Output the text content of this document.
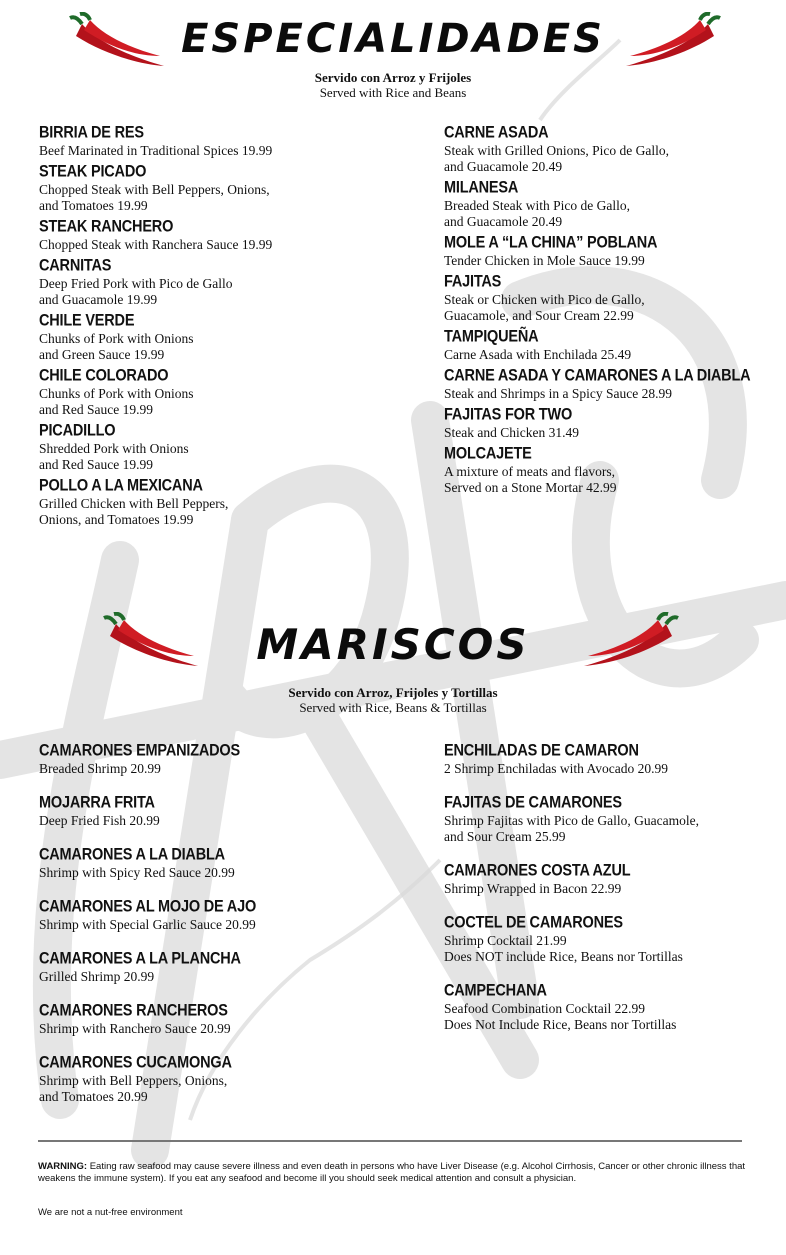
ESPECIALIDADES
Servido con Arroz y Frijoles
Served with Rice and Beans
BIRRIA DE RES
Beef Marinated in Traditional Spices 19.99
STEAK PICADO
Chopped Steak with Bell Peppers, Onions,
and Tomatoes 19.99
STEAK RANCHERO
Chopped Steak with Ranchera Sauce 19.99
CARNITAS
Deep Fried Pork with Pico de Gallo
and Guacamole 19.99
CHILE VERDE
Chunks of Pork with Onions
and Green Sauce 19.99
CHILE COLORADO
Chunks of Pork with Onions
and Red Sauce 19.99
PICADILLO
Shredded Pork with Onions
and Red Sauce 19.99
POLLO A LA MEXICANA
Grilled Chicken with Bell Peppers,
Onions, and Tomatoes 19.99
CARNE ASADA
Steak with Grilled Onions, Pico de Gallo,
and Guacamole 20.49
MILANESA
Breaded Steak with Pico de Gallo,
and Guacamole 20.49
MOLE A “LA CHINA” POBLANA
Tender Chicken in Mole Sauce 19.99
FAJITAS
Steak or Chicken with Pico de Gallo,
Guacamole, and Sour Cream 22.99
TAMPIQUEÑA
Carne Asada with Enchilada 25.49
CARNE ASADA Y CAMARONES A LA DIABLA
Steak and Shrimps in a Spicy Sauce 28.99
FAJITAS FOR TWO
Steak and Chicken 31.49
MOLCAJETE
A mixture of meats and flavors,
Served on a Stone Mortar 42.99
MARISCOS
Servido con Arroz, Frijoles y Tortillas
Served with Rice, Beans & Tortillas
CAMARONES EMPANIZADOS
Breaded Shrimp 20.99
MOJARRA FRITA
Deep Fried Fish 20.99
CAMARONES A LA DIABLA
Shrimp with Spicy Red Sauce 20.99
CAMARONES AL MOJO DE AJO
Shrimp with Special Garlic Sauce 20.99
CAMARONES A LA PLANCHA
Grilled Shrimp 20.99
CAMARONES RANCHEROS
Shrimp with Ranchero Sauce 20.99
CAMARONES CUCAMONGA
Shrimp with Bell Peppers, Onions,
and Tomatoes 20.99
ENCHILADAS DE CAMARON
2 Shrimp Enchiladas with Avocado 20.99
FAJITAS DE CAMARONES
Shrimp Fajitas with Pico de Gallo, Guacamole,
and Sour Cream 25.99
CAMARONES COSTA AZUL
Shrimp Wrapped in Bacon 22.99
COCTEL DE CAMARONES
Shrimp Cocktail 21.99
Does NOT include Rice, Beans nor Tortillas
CAMPECHANA
Seafood Combination Cocktail 22.99
Does Not Include Rice, Beans nor Tortillas
WARNING: Eating raw seafood may cause severe illness and even death in persons who have Liver Disease (e.g. Alcohol Cirrhosis, Cancer or other chronic illness that weakens the immune system). If you eat any seafood and become ill you should seek medical attention and consult a physician.
We are not a nut-free environment
